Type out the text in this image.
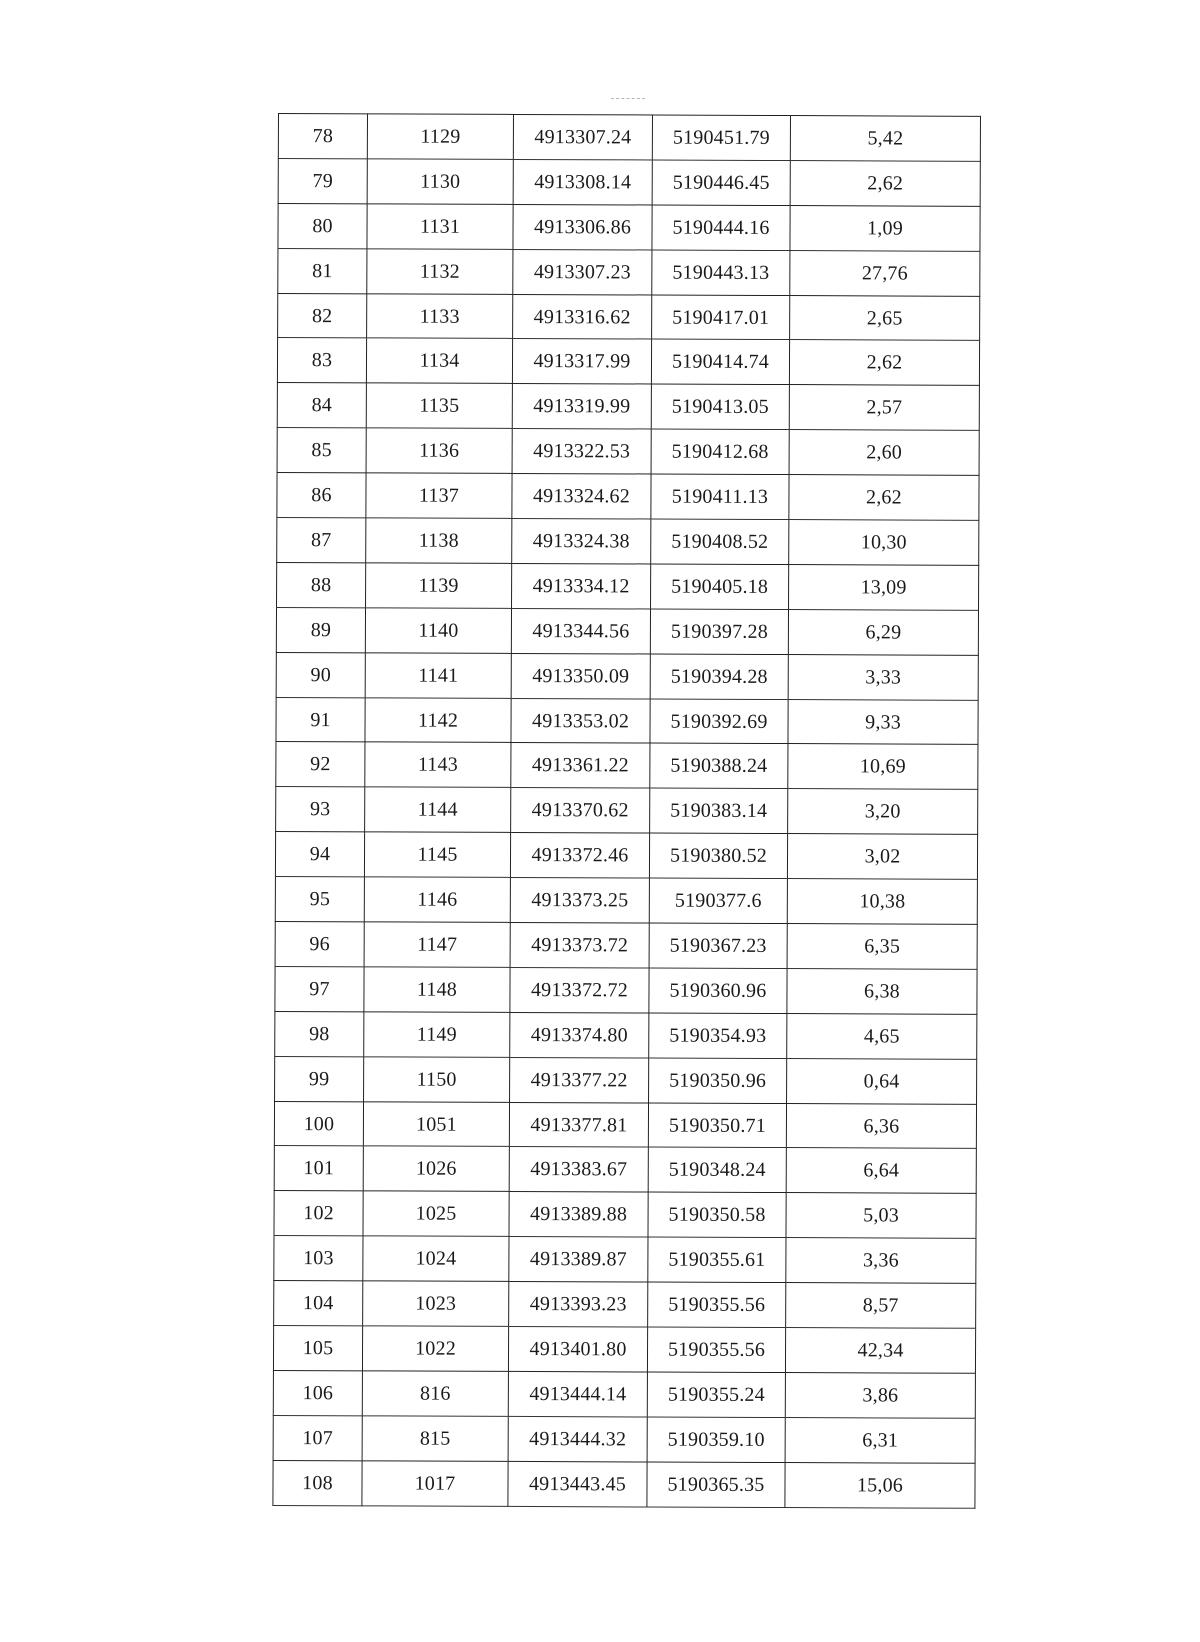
78	1129	4913307.24	5190451.79	5,42
79	1130	4913308.14	5190446.45	2,62
80	1131	4913306.86	5190444.16	1,09
81	1132	4913307.23	5190443.13	27,76
82	1133	4913316.62	5190417.01	2,65
83	1134	4913317.99	5190414.74	2,62
84	1135	4913319.99	5190413.05	2,57
85	1136	4913322.53	5190412.68	2,60
86	1137	4913324.62	5190411.13	2,62
87	1138	4913324.38	5190408.52	10,30
88	1139	4913334.12	5190405.18	13,09
89	1140	4913344.56	5190397.28	6,29
90	1141	4913350.09	5190394.28	3,33
91	1142	4913353.02	5190392.69	9,33
92	1143	4913361.22	5190388.24	10,69
93	1144	4913370.62	5190383.14	3,20
94	1145	4913372.46	5190380.52	3,02
95	1146	4913373.25	5190377.6	10,38
96	1147	4913373.72	5190367.23	6,35
97	1148	4913372.72	5190360.96	6,38
98	1149	4913374.80	5190354.93	4,65
99	1150	4913377.22	5190350.96	0,64
100	1051	4913377.81	5190350.71	6,36
101	1026	4913383.67	5190348.24	6,64
102	1025	4913389.88	5190350.58	5,03
103	1024	4913389.87	5190355.61	3,36
104	1023	4913393.23	5190355.56	8,57
105	1022	4913401.80	5190355.56	42,34
106	816	4913444.14	5190355.24	3,86
107	815	4913444.32	5190359.10	6,31
108	1017	4913443.45	5190365.35	15,06
